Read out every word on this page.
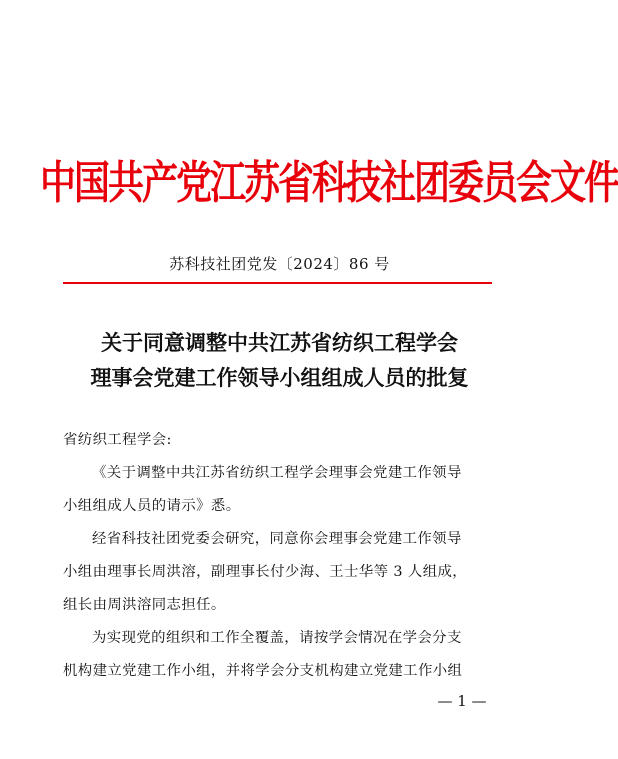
中国共产党江苏省科技社团委员会文件
苏科技社团党发〔2024〕86 号
关于同意调整中共江苏省纺织工程学会
理事会党建工作领导小组组成人员的批复
省纺织工程学会:
《关于调整中共江苏省纺织工程学会理事会党建工作领导
小组组成人员的请示》悉。
经省科技社团党委会研究，同意你会理事会党建工作领导
小组由理事长周洪溶，副理事长付少海、王士华等 3 人组成，
组长由周洪溶同志担任。
为实现党的组织和工作全覆盖，请按学会情况在学会分支
机构建立党建工作小组，并将学会分支机构建立党建工作小组
— 1 —
